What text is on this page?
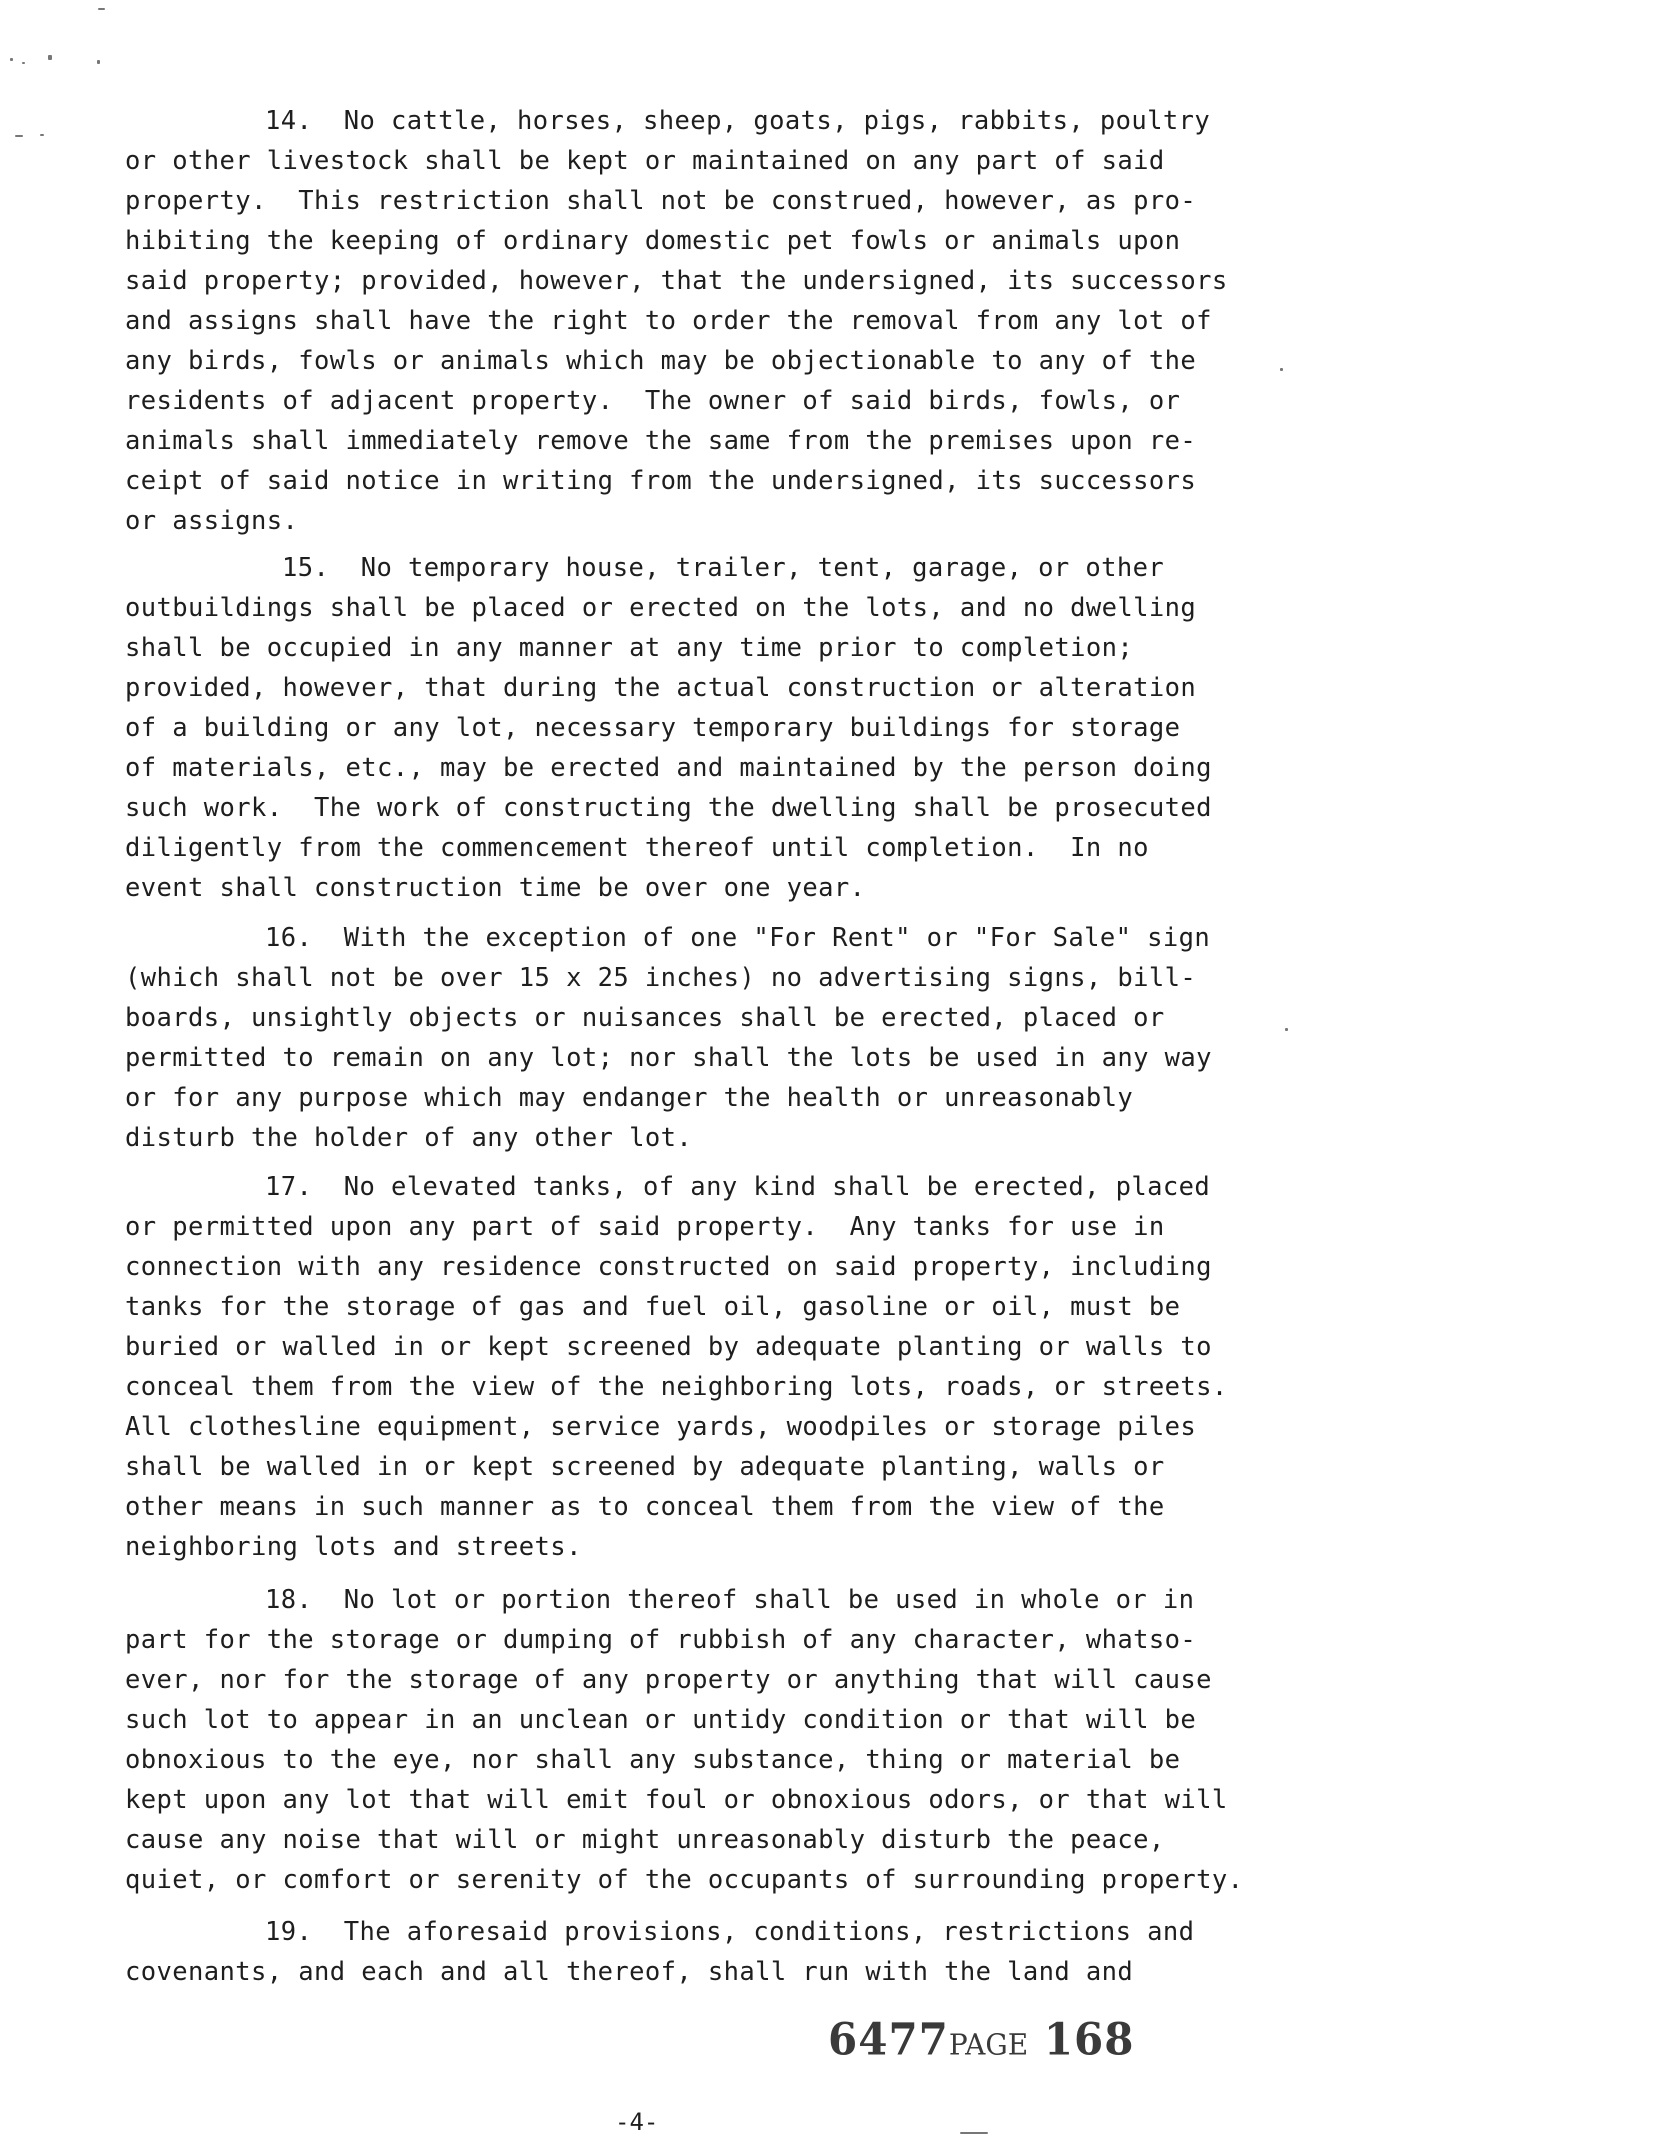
14.  No cattle, horses, sheep, goats, pigs, rabbits, poultry
or other livestock shall be kept or maintained on any part of said
property.  This restriction shall not be construed, however, as pro-
hibiting the keeping of ordinary domestic pet fowls or animals upon
said property; provided, however, that the undersigned, its successors
and assigns shall have the right to order the removal from any lot of
any birds, fowls or animals which may be objectionable to any of the
residents of adjacent property.  The owner of said birds, fowls, or
animals shall immediately remove the same from the premises upon re-
ceipt of said notice in writing from the undersigned, its successors
or assigns.
15.  No temporary house, trailer, tent, garage, or other
outbuildings shall be placed or erected on the lots, and no dwelling
shall be occupied in any manner at any time prior to completion;
provided, however, that during the actual construction or alteration
of a building or any lot, necessary temporary buildings for storage
of materials, etc., may be erected and maintained by the person doing
such work.  The work of constructing the dwelling shall be prosecuted
diligently from the commencement thereof until completion.  In no
event shall construction time be over one year.
16.  With the exception of one "For Rent" or "For Sale" sign
(which shall not be over 15 x 25 inches) no advertising signs, bill-
boards, unsightly objects or nuisances shall be erected, placed or
permitted to remain on any lot; nor shall the lots be used in any way
or for any purpose which may endanger the health or unreasonably
disturb the holder of any other lot.
17.  No elevated tanks, of any kind shall be erected, placed
or permitted upon any part of said property.  Any tanks for use in
connection with any residence constructed on said property, including
tanks for the storage of gas and fuel oil, gasoline or oil, must be
buried or walled in or kept screened by adequate planting or walls to
conceal them from the view of the neighboring lots, roads, or streets.
All clothesline equipment, service yards, woodpiles or storage piles
shall be walled in or kept screened by adequate planting, walls or
other means in such manner as to conceal them from the view of the
neighboring lots and streets.
18.  No lot or portion thereof shall be used in whole or in
part for the storage or dumping of rubbish of any character, whatso-
ever, nor for the storage of any property or anything that will cause
such lot to appear in an unclean or untidy condition or that will be
obnoxious to the eye, nor shall any substance, thing or material be
kept upon any lot that will emit foul or obnoxious odors, or that will
cause any noise that will or might unreasonably disturb the peace,
quiet, or comfort or serenity of the occupants of surrounding property.
19.  The aforesaid provisions, conditions, restrictions and
covenants, and each and all thereof, shall run with the land and
6477PAGE 168
-4-
